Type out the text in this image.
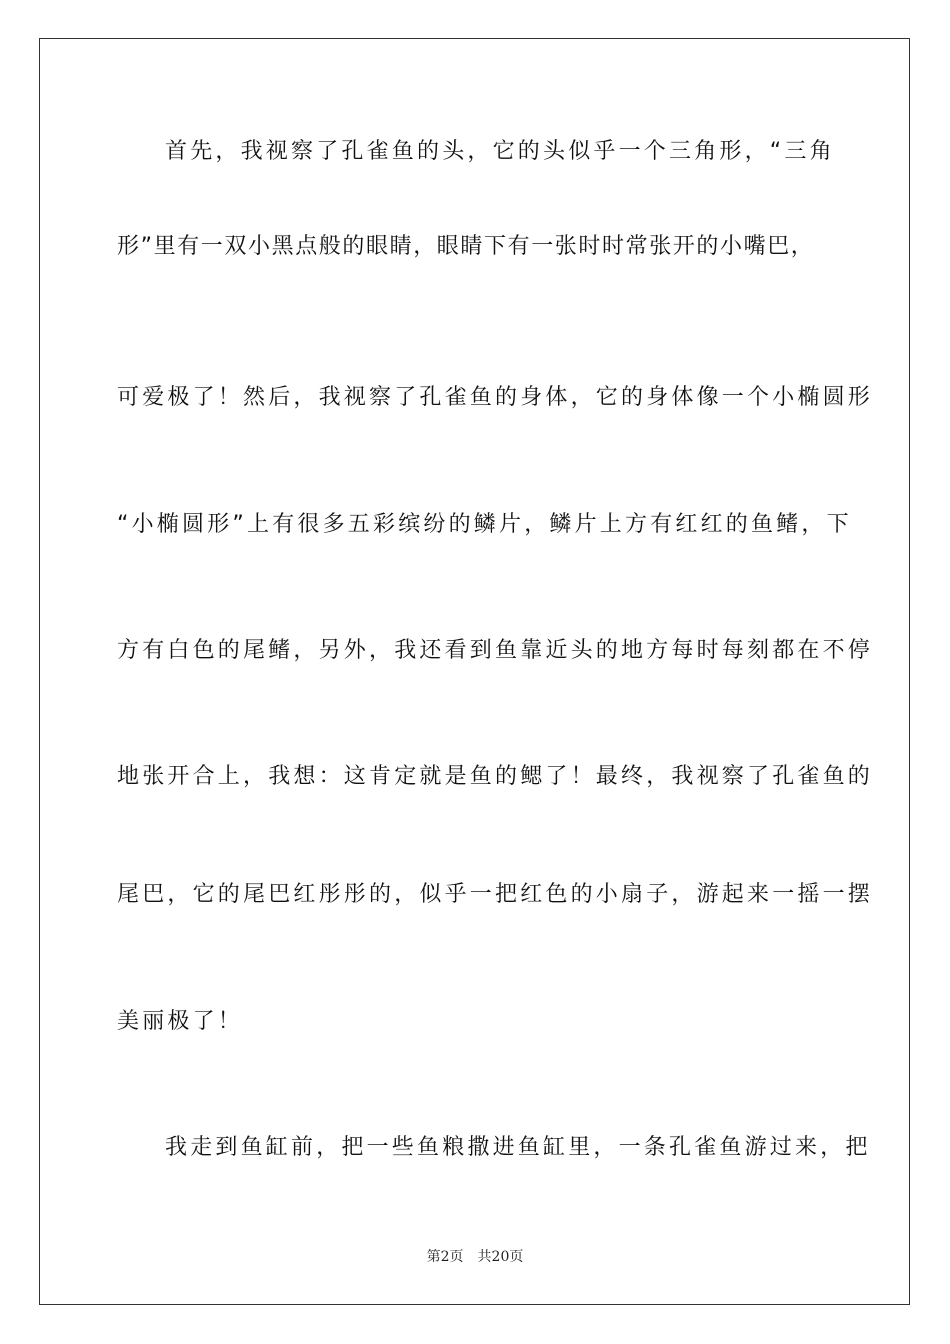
首先，我视察了孔雀鱼的头，它的头似乎一个三角形，“三角
形”里有一双小黑点般的眼睛，眼睛下有一张时时常张开的小嘴巴，
可爱极了！然后，我视察了孔雀鱼的身体，它的身体像一个小椭圆形
“小椭圆形”上有很多五彩缤纷的鳞片，鳞片上方有红红的鱼鳍，下
方有白色的尾鳍，另外，我还看到鱼靠近头的地方每时每刻都在不停
地张开合上，我想：这肯定就是鱼的鳃了！最终，我视察了孔雀鱼的
尾巴，它的尾巴红彤彤的，似乎一把红色的小扇子，游起来一摇一摆
美丽极了！
我走到鱼缸前，把一些鱼粮撒进鱼缸里，一条孔雀鱼游过来，把
第2页 共20页
